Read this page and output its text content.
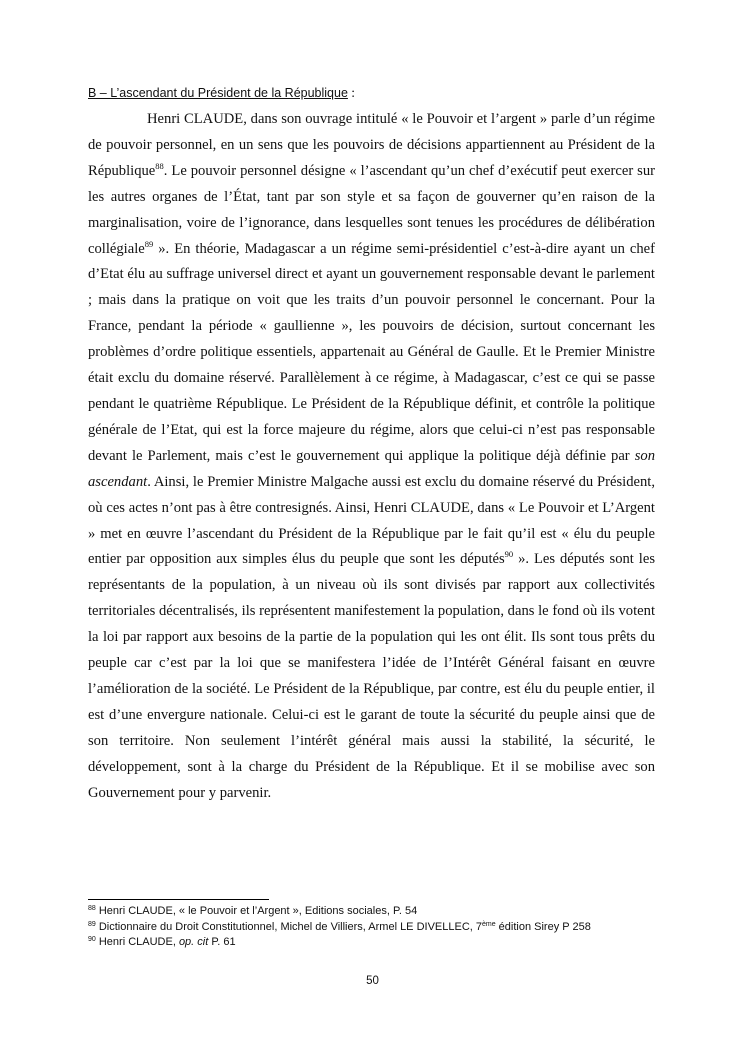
B – L’ascendant du Président de la République :

Henri CLAUDE, dans son ouvrage intitulé « le Pouvoir et l’argent » parle d’un régime de pouvoir personnel, en un sens que les pouvoirs de décisions appartiennent au Président de la République$^{88}$. Le pouvoir personnel désigne « l’ascendant qu’un chef d’exécutif peut exercer sur les autres organes de l’État, tant par son style et sa façon de gouverner qu’en raison de la marginalisation, voire de l’ignorance, dans lesquelles sont tenues les procédures de délibération collégiale$^{89}$ ». En théorie, Madagascar a un régime semi-présidentiel c’est-à-dire ayant un chef d’Etat élu au suffrage universel direct et ayant un gouvernement responsable devant le parlement ; mais dans la pratique on voit que les traits d’un pouvoir personnel le concernant. Pour la France, pendant la période « gaullienne », les pouvoirs de décision, surtout concernant les problèmes d’ordre politique essentiels, appartenait au Général de Gaulle. Et le Premier Ministre était exclu du domaine réservé. Parallèlement à ce régime, à Madagascar, c’est ce qui se passe pendant le quatrième République. Le Président de la République définit, et contrôle la politique générale de l’Etat, qui est la force majeure du régime, alors que celui-ci n’est pas responsable devant le Parlement, mais c’est le gouvernement qui applique la politique déjà définie par son ascendant. Ainsi, le Premier Ministre Malgache aussi est exclu du domaine réservé du Président, où ces actes n’ont pas à être contresignés. Ainsi, Henri CLAUDE, dans « Le Pouvoir et L’Argent » met en œuvre l’ascendant du Président de la République par le fait qu’il est « élu du peuple entier par opposition aux simples élus du peuple que sont les députés$^{90}$ ». Les députés sont les représentants de la population, à un niveau où ils sont divisés par rapport aux collectivités territoriales décentralisés, ils représentent manifestement la population, dans le fond où ils votent la loi par rapport aux besoins de la partie de la population qui les ont élit. Ils sont tous prêts du peuple car c’est par la loi que se manifestera l’idée de l’Intérêt Général faisant en œuvre l’amélioration de la société. Le Président de la République, par contre, est élu du peuple entier, il est d’une envergure nationale. Celui-ci est le garant de toute la sécurité du peuple ainsi que de son territoire. Non seulement l’intérêt général mais aussi la stabilité, la sécurité, le développement, sont à la charge du Président de la République. Et il se mobilise avec son Gouvernement pour y parvenir.

$^{88}$ Henri CLAUDE, « le Pouvoir et l’Argent », Editions sociales, P. 54
$^{89}$ Dictionnaire du Droit Constitutionnel, Michel de Villiers, Armel LE DIVELLEC, 7ème édition Sirey P 258
$^{90}$ Henri CLAUDE, op. cit P. 61
50
